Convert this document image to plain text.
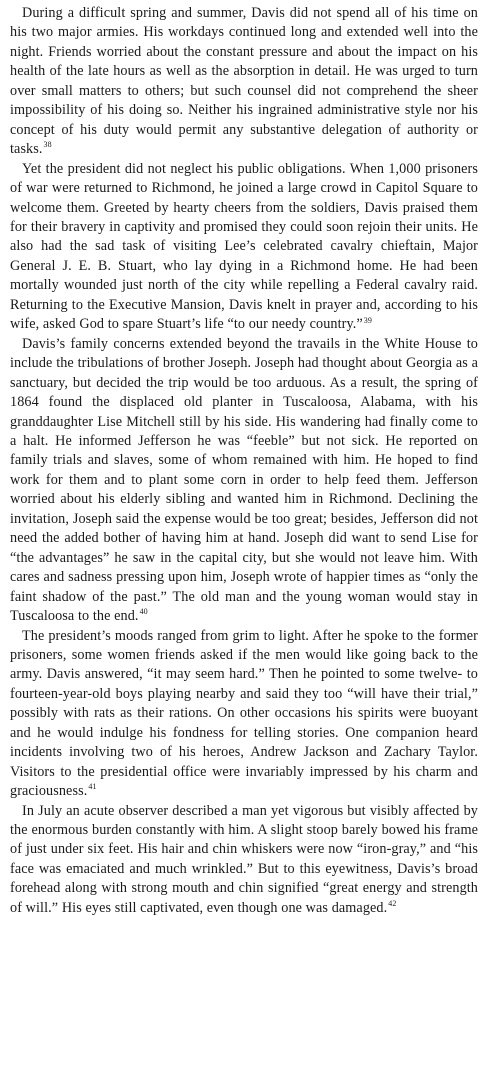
During a difficult spring and summer, Davis did not spend all of his time on his two major armies. His workdays continued long and extended well into the night. Friends worried about the constant pressure and about the impact on his health of the late hours as well as the absorption in detail. He was urged to turn over small matters to others; but such counsel did not comprehend the sheer impossibility of his doing so. Neither his ingrained administrative style nor his concept of his duty would permit any substantive delegation of authority or tasks.$^{38}$

Yet the president did not neglect his public obligations. When 1,000 prisoners of war were returned to Richmond, he joined a large crowd in Capitol Square to welcome them. Greeted by hearty cheers from the soldiers, Davis praised them for their bravery in captivity and promised they could soon rejoin their units. He also had the sad task of visiting Lee’s celebrated cavalry chieftain, Major General J. E. B. Stuart, who lay dying in a Richmond home. He had been mortally wounded just north of the city while repelling a Federal cavalry raid. Returning to the Executive Mansion, Davis knelt in prayer and, according to his wife, asked God to spare Stuart’s life “to our needy country.”$^{39}$

Davis’s family concerns extended beyond the travails in the White House to include the tribulations of brother Joseph. Joseph had thought about Georgia as a sanctuary, but decided the trip would be too arduous. As a result, the spring of 1864 found the displaced old planter in Tuscaloosa, Alabama, with his granddaughter Lise Mitchell still by his side. His wandering had finally come to a halt. He informed Jefferson he was “feeble” but not sick. He reported on family trials and slaves, some of whom remained with him. He hoped to find work for them and to plant some corn in order to help feed them. Jefferson worried about his elderly sibling and wanted him in Richmond. Declining the invitation, Joseph said the expense would be too great; besides, Jefferson did not need the added bother of having him at hand. Joseph did want to send Lise for “the advantages” he saw in the capital city, but she would not leave him. With cares and sadness pressing upon him, Joseph wrote of happier times as “only the faint shadow of the past.” The old man and the young woman would stay in Tuscaloosa to the end.$^{40}$

The president’s moods ranged from grim to light. After he spoke to the former prisoners, some women friends asked if the men would like going back to the army. Davis answered, “it may seem hard.” Then he pointed to some twelve- to fourteen-year-old boys playing nearby and said they too “will have their trial,” possibly with rats as their rations. On other occasions his spirits were buoyant and he would indulge his fondness for telling stories. One companion heard incidents involving two of his heroes, Andrew Jackson and Zachary Taylor. Visitors to the presidential office were invariably impressed by his charm and graciousness.$^{41}$

In July an acute observer described a man yet vigorous but visibly affected by the enormous burden constantly with him. A slight stoop barely bowed his frame of just under six feet. His hair and chin whiskers were now “iron-gray,” and “his face was emaciated and much wrinkled.” But to this eyewitness, Davis’s broad forehead along with strong mouth and chin signified “great energy and strength of will.” His eyes still captivated, even though one was damaged.$^{42}$
